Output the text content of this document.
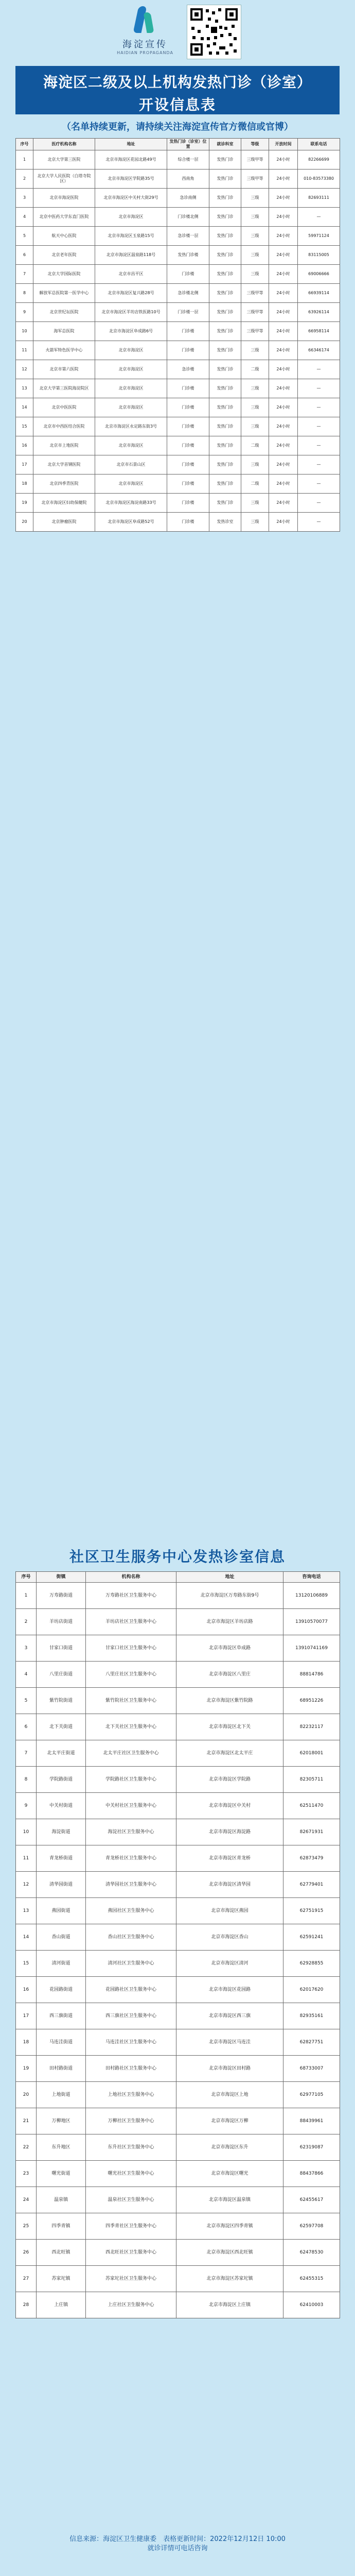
海淀宣传
HAIDIAN PROPAGANDA
海淀区二级及以上机构发热门诊（诊室）
开设信息表
（名单持续更新，请持续关注海淀宣传官方微信或官博）
序号	医疗机构名称	地址	发热门诊（诊室）位置	就诊科室	等级	开放时间	联系电话
1	北京大学第三医院	北京市海淀区花园北路49号	综合楼一层	发热门诊	三级甲等	24小时	82266699
2	北京大学人民医院（白塔寺院区）	北京市海淀区学院路35号	西南角	发热门诊	三级甲等	24小时	010-83573380
3	北京市海淀医院	北京市海淀区中关村大街29号	急诊南侧	发热门诊	三级	24小时	82693111
4	北京中医药大学东直门医院	北京市海淀区	门诊楼北侧	发热门诊	三级	24小时	—
5	航天中心医院	北京市海淀区玉泉路15号	急诊楼一层	发热门诊	三级	24小时	59971124
6	北京老年医院	北京市海淀区温泉路118号	发热门诊楼	发热门诊	三级	24小时	83115005
7	北京大学国际医院	北京市昌平区	门诊楼	发热门诊	三级	24小时	69006666
8	解放军总医院第一医学中心	北京市海淀区复兴路28号	急诊楼北侧	发热门诊	三级甲等	24小时	66939114
9	北京世纪坛医院	北京市海淀区羊坊店铁医路10号	门诊楼一层	发热门诊	三级甲等	24小时	63926114
10	海军总医院	北京市海淀区阜成路6号	门诊楼	发热门诊	三级甲等	24小时	66958114
11	火箭军特色医学中心	北京市海淀区	门诊楼	发热门诊	三级	24小时	66346174
12	北京市第六医院	北京市海淀区	急诊楼	发热门诊	二级	24小时	—
13	北京大学第三医院海淀院区	北京市海淀区	门诊楼	发热门诊	三级	24小时	—
14	北京中医医院	北京市海淀区	门诊楼	发热门诊	三级	24小时	—
15	北京市中西医结合医院	北京市海淀区永定路东街3号	门诊楼	发热门诊	三级	24小时	—
16	北京市上地医院	北京市海淀区	门诊楼	发热门诊	二级	24小时	—
17	北京大学首钢医院	北京市石景山区	门诊楼	发热门诊	三级	24小时	—
18	北京四季青医院	北京市海淀区	门诊楼	发热门诊	二级	24小时	—
19	北京市海淀区妇幼保健院	北京市海淀区海淀南路33号	门诊楼	发热门诊	三级	24小时	—
20	北京肿瘤医院	北京市海淀区阜成路52号	门诊楼	发热诊室	三级	24小时	—
社区卫生服务中心发热诊室信息
序号	街镇	机构名称	地址	咨询电话
1	万寿路街道	万寿路社区卫生服务中心	北京市海淀区万寿路东街9号	13120106889
2	羊坊店街道	羊坊店社区卫生服务中心	北京市海淀区羊坊店路	13910570077
3	甘家口街道	甘家口社区卫生服务中心	北京市海淀区阜成路	13910741169
4	八里庄街道	八里庄社区卫生服务中心	北京市海淀区八里庄	88814786
5	紫竹院街道	紫竹院社区卫生服务中心	北京市海淀区紫竹院路	68951226
6	北下关街道	北下关社区卫生服务中心	北京市海淀区北下关	82232117
7	北太平庄街道	北太平庄社区卫生服务中心	北京市海淀区北太平庄	62018001
8	学院路街道	学院路社区卫生服务中心	北京市海淀区学院路	82305711
9	中关村街道	中关村社区卫生服务中心	北京市海淀区中关村	62511470
10	海淀街道	海淀社区卫生服务中心	北京市海淀区海淀路	82671931
11	青龙桥街道	青龙桥社区卫生服务中心	北京市海淀区青龙桥	62873479
12	清华园街道	清华园社区卫生服务中心	北京市海淀区清华园	62779401
13	燕园街道	燕园社区卫生服务中心	北京市海淀区燕园	62751915
14	香山街道	香山社区卫生服务中心	北京市海淀区香山	62591241
15	清河街道	清河社区卫生服务中心	北京市海淀区清河	62928855
16	花园路街道	花园路社区卫生服务中心	北京市海淀区花园路	62017620
17	西三旗街道	西三旗社区卫生服务中心	北京市海淀区西三旗	82935161
18	马连洼街道	马连洼社区卫生服务中心	北京市海淀区马连洼	62827751
19	田村路街道	田村路社区卫生服务中心	北京市海淀区田村路	68733007
20	上地街道	上地社区卫生服务中心	北京市海淀区上地	62977105
21	万柳地区	万柳社区卫生服务中心	北京市海淀区万柳	88439961
22	东升地区	东升社区卫生服务中心	北京市海淀区东升	62319087
23	曙光街道	曙光社区卫生服务中心	北京市海淀区曙光	88437866
24	温泉镇	温泉社区卫生服务中心	北京市海淀区温泉镇	62455617
25	四季青镇	四季青社区卫生服务中心	北京市海淀区四季青镇	62597708
26	西北旺镇	西北旺社区卫生服务中心	北京市海淀区西北旺镇	62478530
27	苏家坨镇	苏家坨社区卫生服务中心	北京市海淀区苏家坨镇	62455315
28	上庄镇	上庄社区卫生服务中心	北京市海淀区上庄镇	62410003
信息来源：海淀区卫生健康委　 表格更新时间：2022年12月12日 10:00
就诊详情可电话咨询
